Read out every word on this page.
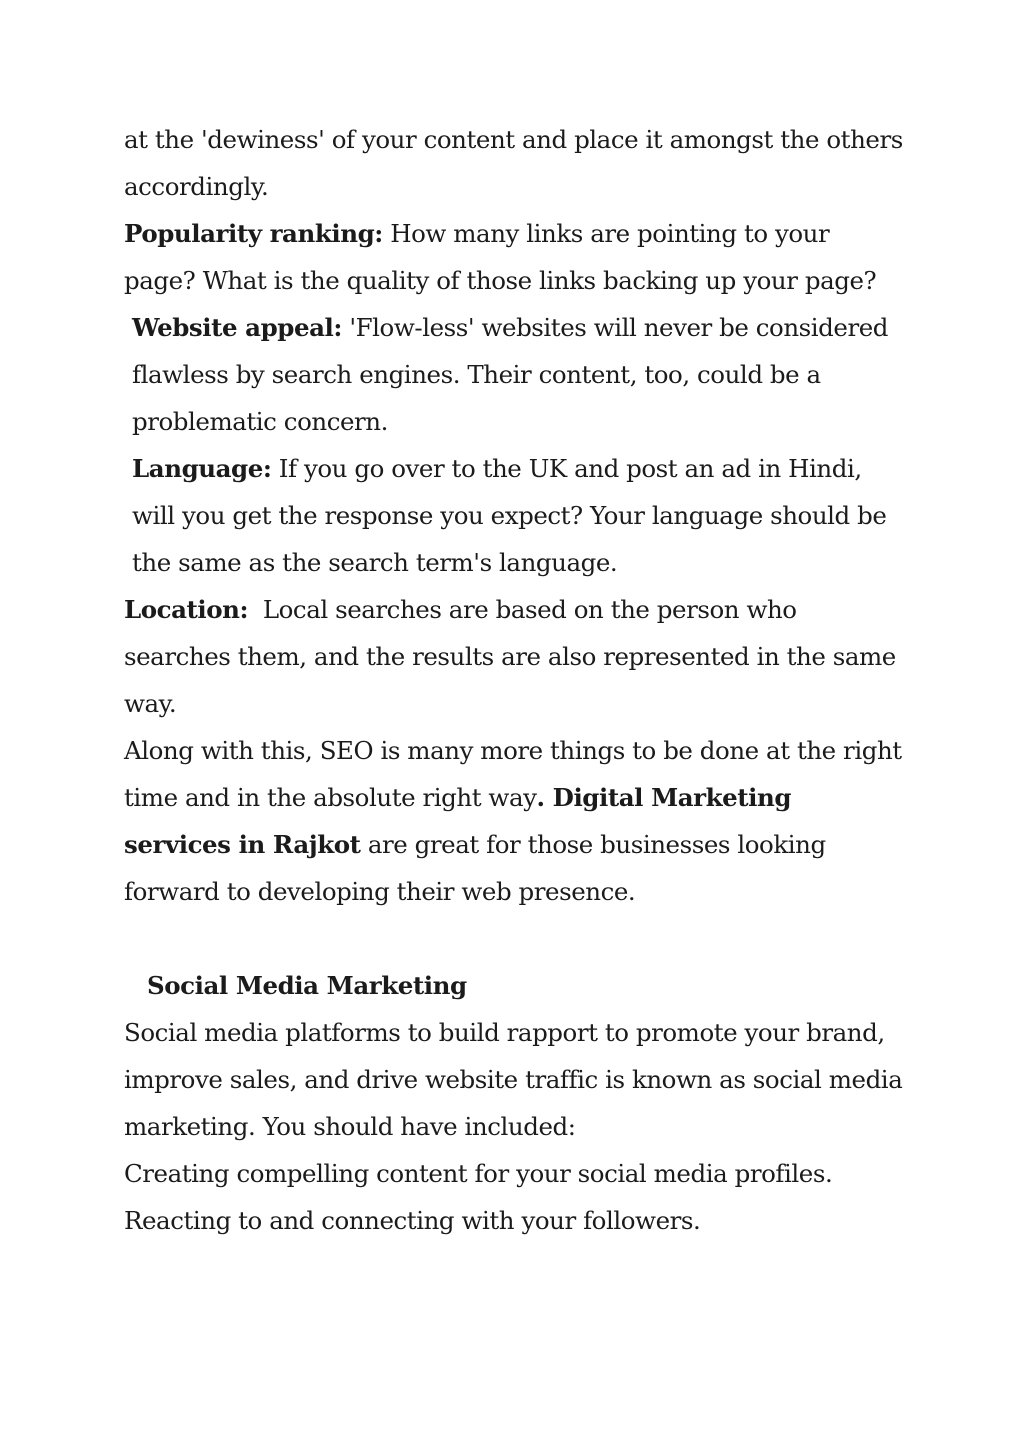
at the 'dewiness' of your content and place it amongst the others accordingly.

Popularity ranking: How many links are pointing to your page? What is the quality of those links backing up your page?

Website appeal: 'Flow-less' websites will never be considered flawless by search engines. Their content, too, could be a problematic concern.

Language: If you go over to the UK and post an ad in Hindi, will you get the response you expect? Your language should be the same as the search term's language.

Location:  Local searches are based on the person who searches them, and the results are also represented in the same way.

Along with this, SEO is many more things to be done at the right time and in the absolute right way. Digital Marketing services in Rajkot are great for those businesses looking forward to developing their web presence.

Social Media Marketing

Social media platforms to build rapport to promote your brand, improve sales, and drive website traffic is known as social media marketing. You should have included:

Creating compelling content for your social media profiles.

Reacting to and connecting with your followers.
